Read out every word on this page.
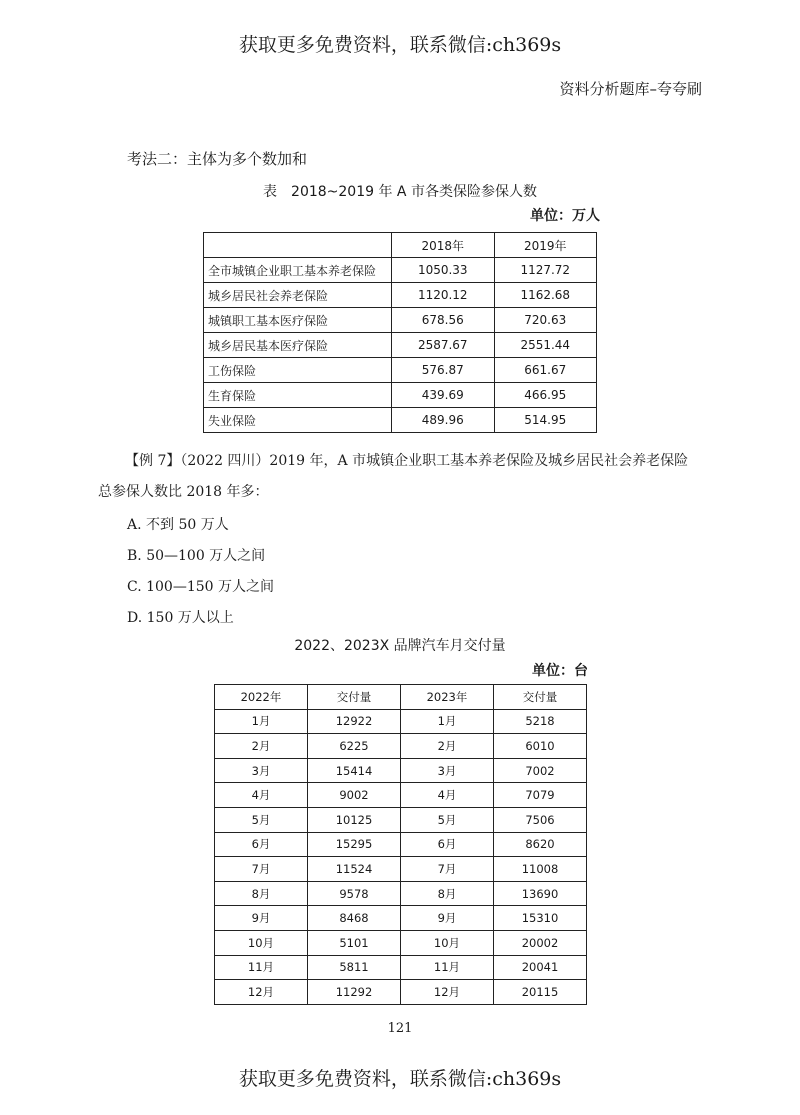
获取更多免费资料，联系微信:ch369s
资料分析题库–夸夸刷
考法二：主体为多个数加和
表　2018~2019 年 A 市各类保险参保人数
单位：万人
	2018年	2019年
全市城镇企业职工基本养老保险	1050.33	1127.72
城乡居民社会养老保险	1120.12	1162.68
城镇职工基本医疗保险	678.56	720.63
城乡居民基本医疗保险	2587.67	2551.44
工伤保险	576.87	661.67
生育保险	439.69	466.95
失业保险	489.96	514.95
【例 7】（2022 四川）2019 年，A 市城镇企业职工基本养老保险及城乡居民社会养老保险
总参保人数比 2018 年多：
A. 不到 50 万人
B. 50—100 万人之间
C. 100—150 万人之间
D. 150 万人以上
2022、2023X 品牌汽车月交付量
单位：台
2022年	交付量	2023年	交付量
1月	12922	1月	5218
2月	6225	2月	6010
3月	15414	3月	7002
4月	9002	4月	7079
5月	10125	5月	7506
6月	15295	6月	8620
7月	11524	7月	11008
8月	9578	8月	13690
9月	8468	9月	15310
10月	5101	10月	20002
11月	5811	11月	20041
12月	11292	12月	20115
121
获取更多免费资料，联系微信:ch369s
